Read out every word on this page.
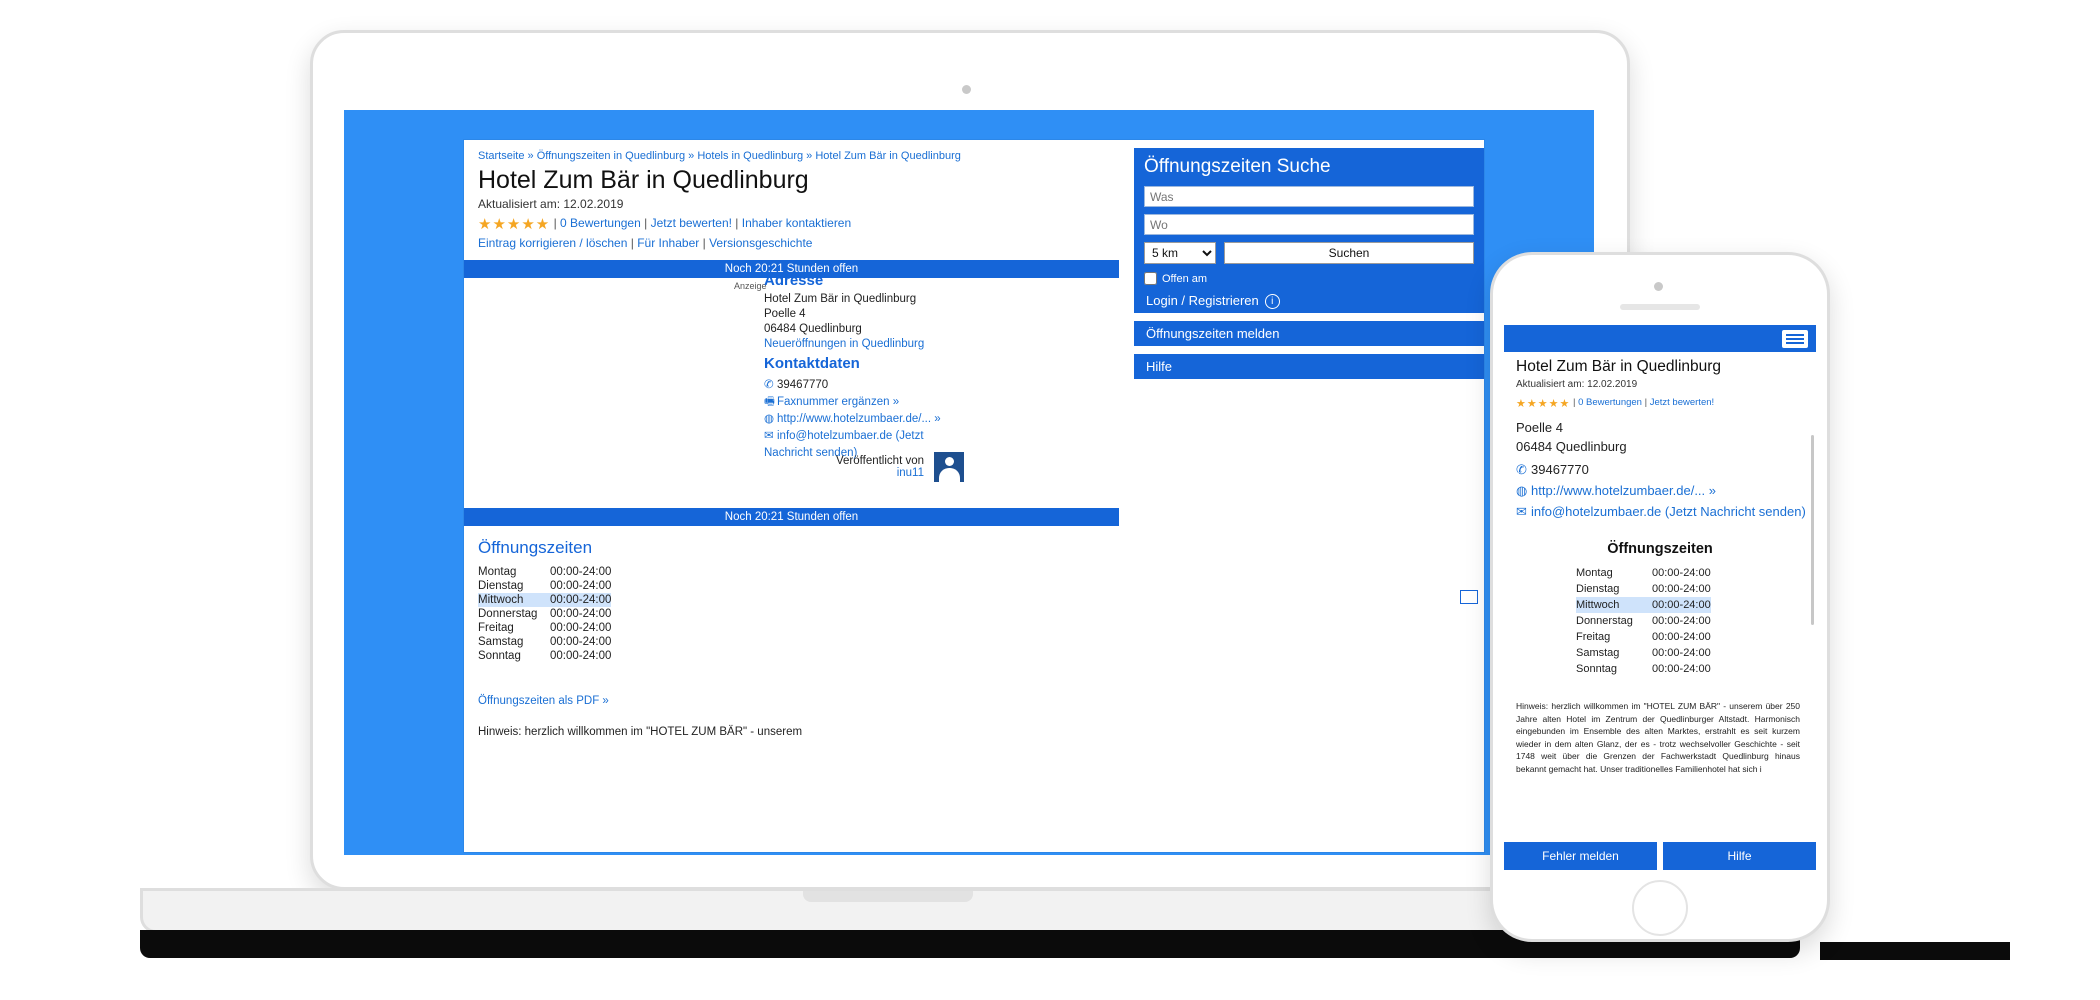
Startseite » Öffnungszeiten in Quedlinburg » Hotels in Quedlinburg » Hotel Zum Bär in Quedlinburg
Hotel Zum Bär in Quedlinburg
Aktualisiert am: 12.02.2019
★★★★★ | 0 Bewertungen | Jetzt bewerten! | Inhaber kontaktieren
Eintrag korrigieren / löschen | Für Inhaber | Versionsgeschichte
Noch 20:21 Stunden offen
Anzeige
Adresse
Hotel Zum Bär in Quedlinburg
Poelle 4
06484 Quedlinburg
Neueröffnungen in Quedlinburg
Kontaktdaten
✆ 39467770
🖷 Faxnummer ergänzen »
◍ http://www.hotelzumbaer.de/... »
✉ info@hotelzumbaer.de (Jetzt Nachricht senden)
Veröffentlicht von
inu11
Noch 20:21 Stunden offen
Öffnungszeiten
Montag	00:00-24:00
Dienstag	00:00-24:00
Mittwoch	00:00-24:00
Donnerstag	00:00-24:00
Freitag	00:00-24:00
Samstag	00:00-24:00
Sonntag	00:00-24:00
Öffnungszeiten als PDF »
Hinweis: herzlich willkommen im "HOTEL ZUM BÄR" - unserem
Öffnungszeiten Suche
Was
Wo
5 km
Suchen
Offen am
Login / Registrieren i
Öffnungszeiten melden
Hilfe	Hotel Zum Bär in Quedlinburg
Aktualisiert am: 12.02.2019
★★★★★ | 0 Bewertungen | Jetzt bewerten!
Poelle 4
06484 Quedlinburg
✆ 39467770
◍ http://www.hotelzumbaer.de/... »
✉ info@hotelzumbaer.de (Jetzt Nachricht senden)
Öffnungszeiten
Montag	00:00-24:00
Dienstag	00:00-24:00
Mittwoch	00:00-24:00
Donnerstag	00:00-24:00
Freitag	00:00-24:00
Samstag	00:00-24:00
Sonntag	00:00-24:00
Hinweis: herzlich willkommen im "HOTEL ZUM BÄR" - unserem über 250 Jahre alten Hotel im Zentrum der Quedlinburger Altstadt. Harmonisch eingebunden im Ensemble des alten Marktes, erstrahlt es seit kurzem wieder in dem alten Glanz, der es - trotz wechselvoller Geschichte - seit 1748 weit über die Grenzen der Fachwerkstadt Quedlinburg hinaus bekannt gemacht hat. Unser traditionelles Familienhotel hat sich i
Fehler melden	Hilfe
